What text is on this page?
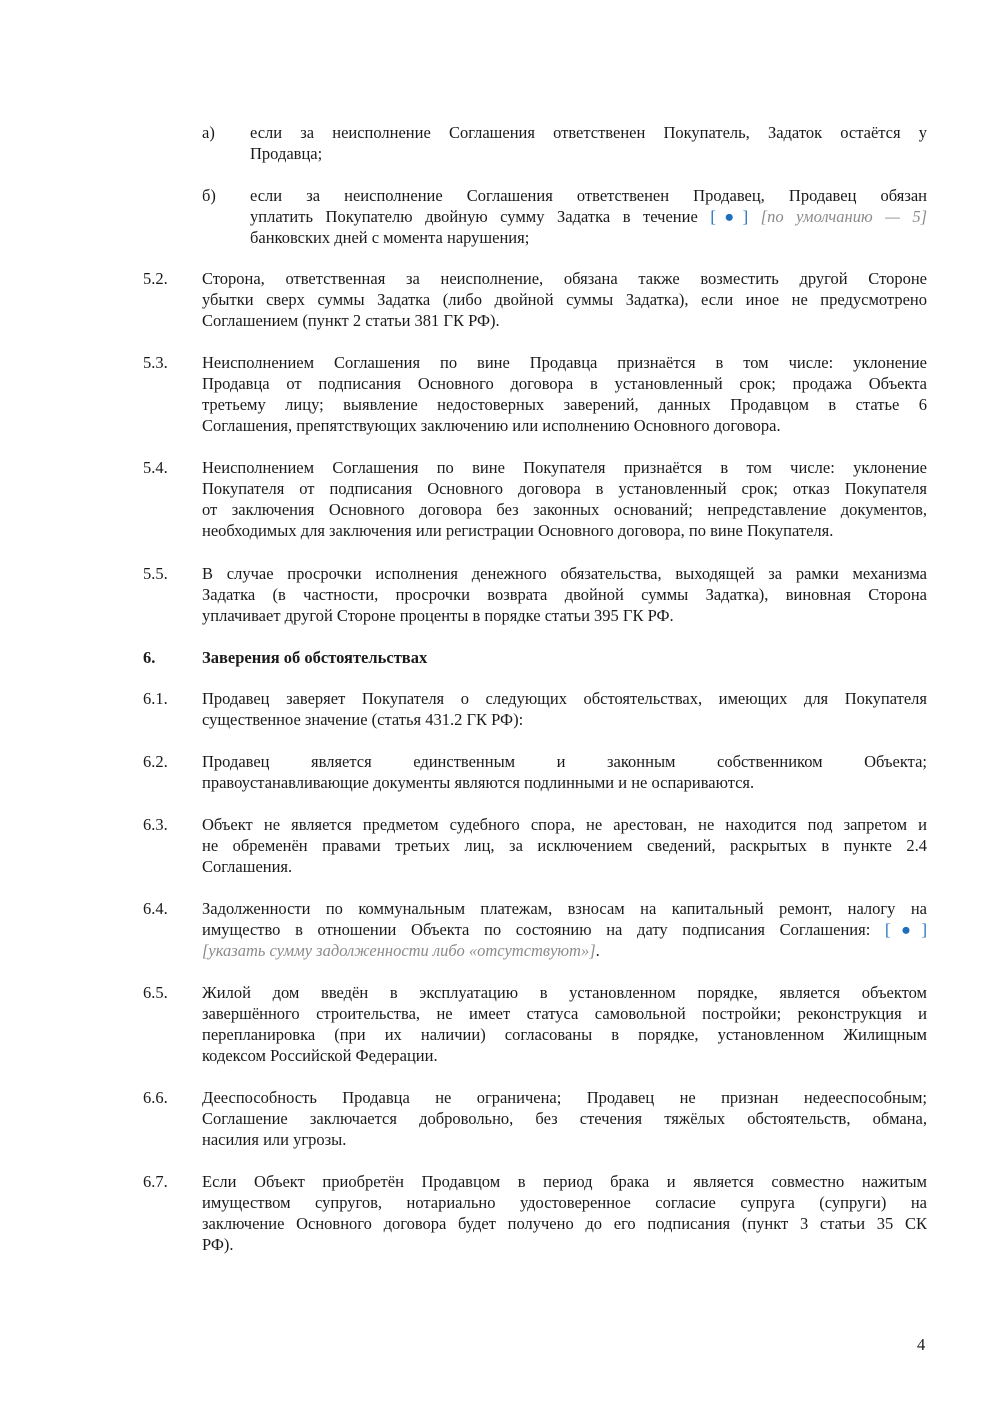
а) если за неисполнение Соглашения ответственен Покупатель, Задаток остаётся у
Продавца;
б) если за неисполнение Соглашения ответственен Продавец, Продавец обязан
уплатить Покупателю двойную сумму Задатка в течение [●] [по умолчанию — 5]
банковских дней с момента нарушения;
5.2. Сторона, ответственная за неисполнение, обязана также возместить другой Стороне
убытки сверх суммы Задатка (либо двойной суммы Задатка), если иное не предусмотрено
Соглашением (пункт 2 статьи 381 ГК РФ).
5.3. Неисполнением Соглашения по вине Продавца признаётся в том числе: уклонение
Продавца от подписания Основного договора в установленный срок; продажа Объекта
третьему лицу; выявление недостоверных заверений, данных Продавцом в статье 6
Соглашения, препятствующих заключению или исполнению Основного договора.
5.4. Неисполнением Соглашения по вине Покупателя признаётся в том числе: уклонение
Покупателя от подписания Основного договора в установленный срок; отказ Покупателя
от заключения Основного договора без законных оснований; непредставление документов,
необходимых для заключения или регистрации Основного договора, по вине Покупателя.
5.5. В случае просрочки исполнения денежного обязательства, выходящей за рамки механизма
Задатка (в частности, просрочки возврата двойной суммы Задатка), виновная Сторона
уплачивает другой Стороне проценты в порядке статьи 395 ГК РФ.
6.	Заверения об обстоятельствах
6.1. Продавец заверяет Покупателя о следующих обстоятельствах, имеющих для Покупателя
существенное значение (статья 431.2 ГК РФ):
6.2. Продавец является единственным и законным собственником Объекта;
правоустанавливающие документы являются подлинными и не оспариваются.
6.3. Объект не является предметом судебного спора, не арестован, не находится под запретом и
не обременён правами третьих лиц, за исключением сведений, раскрытых в пункте 2.4
Соглашения.
6.4. Задолженности по коммунальным платежам, взносам на капитальный ремонт, налогу на
имущество в отношении Объекта по состоянию на дату подписания Соглашения: [●]
[указать сумму задолженности либо «отсутствуют»].
6.5. Жилой дом введён в эксплуатацию в установленном порядке, является объектом
завершённого строительства, не имеет статуса самовольной постройки; реконструкция и
перепланировка (при их наличии) согласованы в порядке, установленном Жилищным
кодексом Российской Федерации.
6.6. Дееспособность Продавца не ограничена; Продавец не признан недееспособным;
Соглашение заключается добровольно, без стечения тяжёлых обстоятельств, обмана,
насилия или угрозы.
6.7. Если Объект приобретён Продавцом в период брака и является совместно нажитым
имуществом супругов, нотариально удостоверенное согласие супруга (супруги) на
заключение Основного договора будет получено до его подписания (пункт 3 статьи 35 СК
РФ).
4
